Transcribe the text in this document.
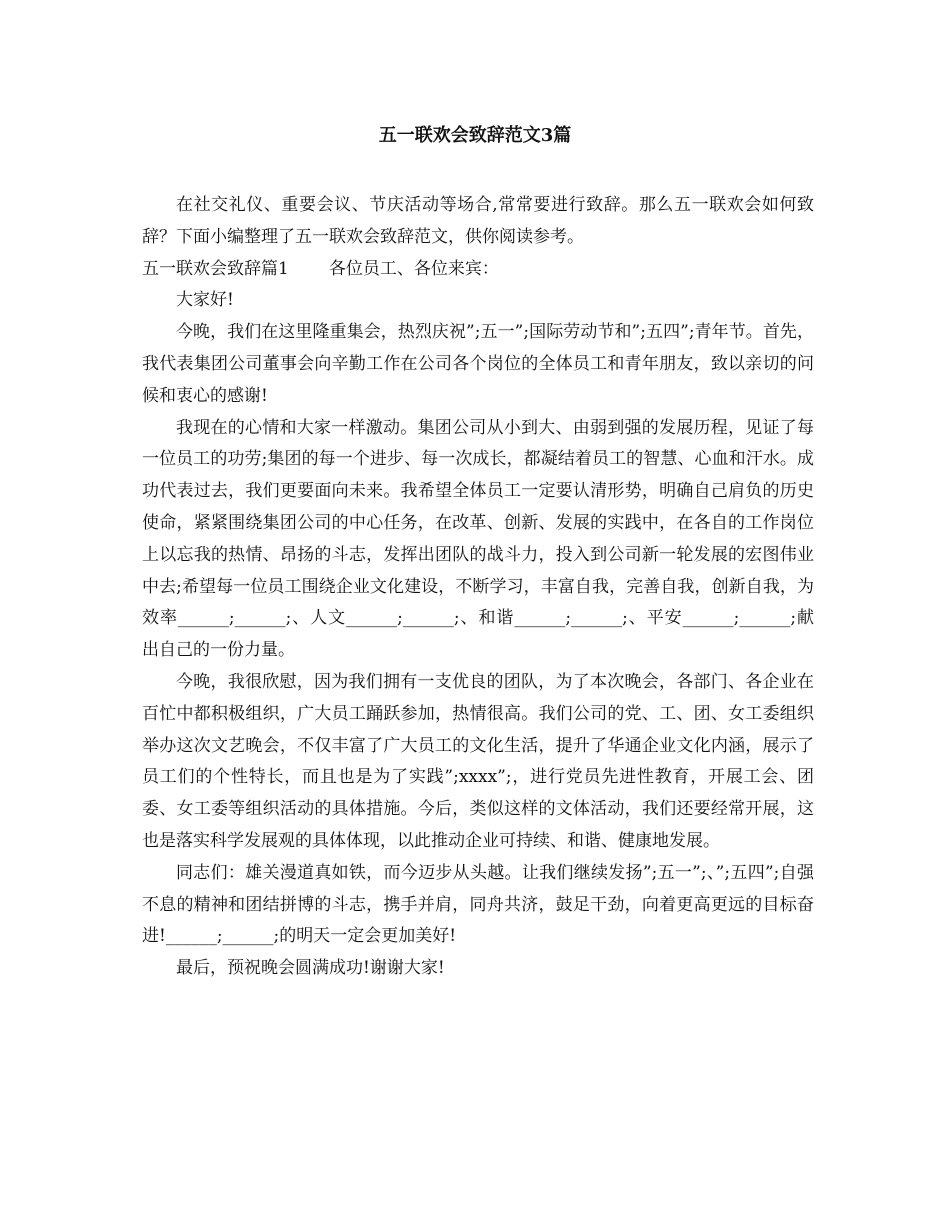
五一联欢会致辞范文3篇

在社交礼仪、重要会议、节庆活动等场合,常常要进行致辞。那么五一联欢会如何致辞？下面小编整理了五一联欢会致辞范文，供你阅读参考。

五一联欢会致辞篇1 各位员工、各位来宾：

大家好!

今晚，我们在这里隆重集会，热烈庆祝”;五一”;国际劳动节和”;五四”;青年节。首先，我代表集团公司董事会向辛勤工作在公司各个岗位的全体员工和青年朋友，致以亲切的问候和衷心的感谢!

我现在的心情和大家一样激动。集团公司从小到大、由弱到强的发展历程，见证了每一位员工的功劳;集团的每一个进步、每一次成长，都凝结着员工的智慧、心血和汗水。成功代表过去，我们更要面向未来。我希望全体员工一定要认清形势，明确自己肩负的历史使命，紧紧围绕集团公司的中心任务，在改革、创新、发展的实践中，在各自的工作岗位上以忘我的热情、昂扬的斗志，发挥出团队的战斗力，投入到公司新一轮发展的宏图伟业中去;希望每一位员工围绕企业文化建设，不断学习，丰富自我，完善自我，创新自我，为效率______;______;、人文______;______;、和谐______;______;、平安______;______;献出自己的一份力量。

今晚，我很欣慰，因为我们拥有一支优良的团队，为了本次晚会，各部门、各企业在百忙中都积极组织，广大员工踊跃参加，热情很高。我们公司的党、工、团、女工委组织举办这次文艺晚会，不仅丰富了广大员工的文化生活，提升了华通企业文化内涵，展示了员工们的个性特长，而且也是为了实践”;xxxx”;，进行党员先进性教育，开展工会、团委、女工委等组织活动的具体措施。今后，类似这样的文体活动，我们还要经常开展，这也是落实科学发展观的具体体现，以此推动企业可持续、和谐、健康地发展。

同志们：雄关漫道真如铁，而今迈步从头越。让我们继续发扬”;五一”;、”;五四”;自强不息的精神和团结拼博的斗志，携手并肩，同舟共济，鼓足干劲，向着更高更远的目标奋进!______;______;的明天一定会更加美好!

最后，预祝晚会圆满成功!谢谢大家!
